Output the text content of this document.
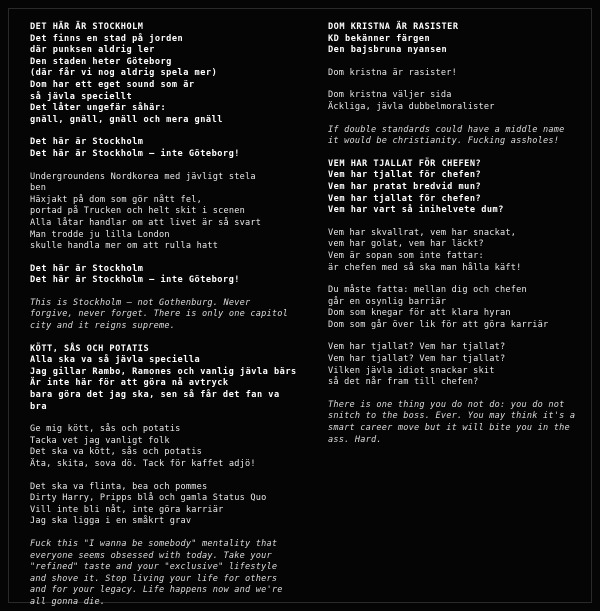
DET HÄR ÄR STOCKHOLM
Det finns en stad på jorden
där punksen aldrig ler
Den staden heter Göteborg
(där får vi nog aldrig spela mer)
Dom har ett eget sound som är
så jävla speciellt
Det låter ungefär såhär:
gnäll, gnäll, gnäll och mera gnäll
Det här är Stockholm
Det här är Stockholm – inte Göteborg!
Undergroundens Nordkorea med jävligt stela
ben
Häxjakt på dom som gör nått fel,
portad på Trucken och helt skit i scenen
Alla låtar handlar om att livet är så svart
Man trodde ju lilla London
skulle handla mer om att rulla hatt
Det här är Stockholm
Det här är Stockholm – inte Göteborg!
This is Stockholm – not Gothenburg. Never
forgive, never forget. There is only one capitol
city and it reigns supreme.
KÖTT, SÅS OCH POTATIS
Alla ska va så jävla speciella
Jag gillar Rambo, Ramones och vanlig jävla bärs
Är inte här för att göra nå avtryck
bara göra det jag ska, sen så får det fan va bra
Ge mig kött, sås och potatis
Tacka vet jag vanligt folk
Det ska va kött, sås och potatis
Äta, skita, sova dö. Tack för kaffet adjö!
Det ska va flinta, bea och pommes
Dirty Harry, Pripps blå och gamla Status Quo
Vill inte bli nåt, inte göra karriär
Jag ska ligga i en småkrt grav
Fuck this "I wanna be somebody" mentality that
everyone seems obsessed with today. Take your
"refined" taste and your "exclusive" lifestyle
and shove it. Stop living your life for others
and for your legacy. Life happens now and we're
all gonna die.
DOM KRISTNA ÄR RASISTER
KD bekänner färgen
Den bajsbruna nyansen
Dom kristna är rasister!
Dom kristna väljer sida
Äckliga, jävla dubbelmoralister
If double standards could have a middle name
it would be christianity. Fucking assholes!
VEM HAR TJALLAT FÖR CHEFEN?
Vem har tjallat för chefen?
Vem har pratat bredvid mun?
Vem har tjallat för chefen?
Vem har vart så inihelvete dum?
Vem har skvallrat, vem har snackat,
vem har golat, vem har läckt?
Vem är sopan som inte fattar:
är chefen med så ska man hålla käft!
Du måste fatta: mellan dig och chefen
går en osynlig barriär
Dom som knegar för att klara hyran
Dom som går över lik för att göra karriär
Vem har tjallat? Vem har tjallat?
Vem har tjallat? Vem har tjallat?
Vilken jävla idiot snackar skit
så det når fram till chefen?
There is one thing you do not do: you do not
snitch to the boss. Ever. You may think it's a
smart career move but it will bite you in the
ass. Hard.
